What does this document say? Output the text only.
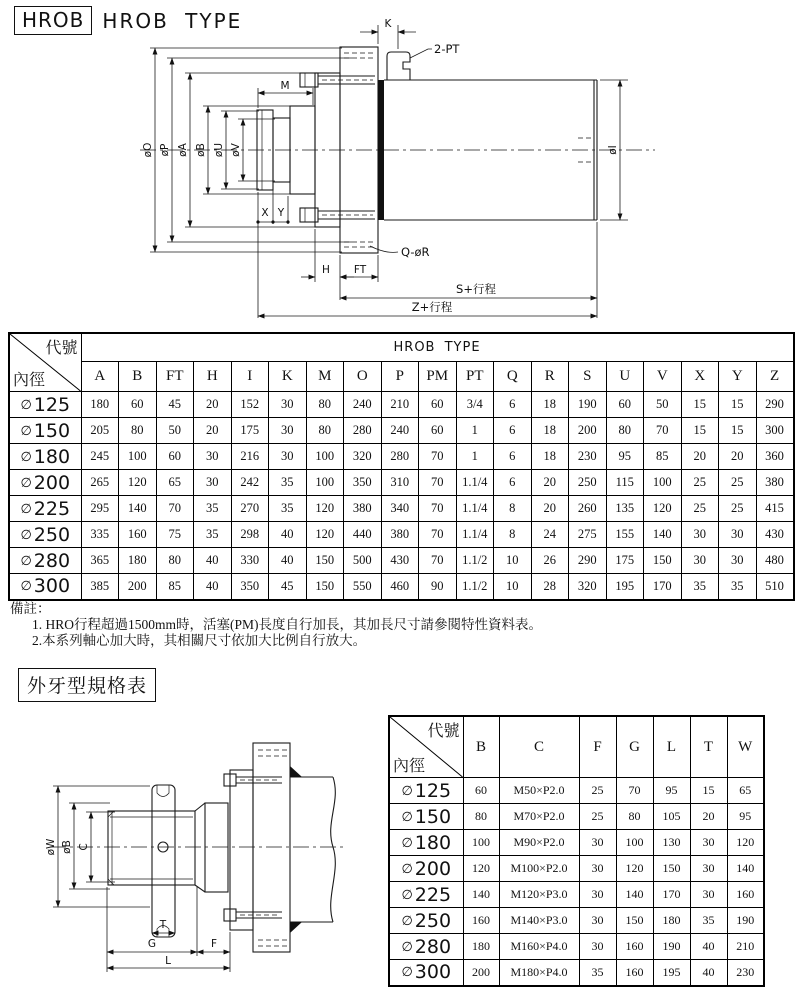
HROB HROB TYPE
2-PT
K
M
øO øP øA øB øU øV	øI
X Y
Q-øR
H FT
S+行程
Z+行程
代號
內徑	HROB TYPE																		
	A	B	FT	H	I	K	M	O	P	PM	PT	Q	R	S	U	V	X	Y	Z
∅ 125	180	60	45	20	152	30	80	240	210	60	3/4	6	18	190	60	50	15	15	290
∅ 150	205	80	50	20	175	30	80	280	240	60	1	6	18	200	80	70	15	15	300
∅ 180	245	100	60	30	216	30	100	320	280	70	1	6	18	230	95	85	20	20	360
∅ 200	265	120	65	30	242	35	100	350	310	70	1.1/4	6	20	250	115	100	25	25	380
∅ 225	295	140	70	35	270	35	120	380	340	70	1.1/4	8	20	260	135	120	25	25	415
∅ 250	335	160	75	35	298	40	120	440	380	70	1.1/4	8	24	275	155	140	30	30	430
∅ 280	365	180	80	40	330	40	150	500	430	70	1.1/2	10	26	290	175	150	30	30	480
∅ 300	385	200	85	40	350	45	150	550	460	90	1.1/2	10	28	320	195	170	35	35	510
備註：
1. HRO行程超過1500mm時，活塞(PM)長度自行加長，其加長尺寸請參閱特性資料表。
2.本系列軸心加大時，其相關尺寸依加大比例自行放大。
外牙型規格表
øW øB C
T
G	F
L
代號
內徑	B	C	F	G	L	T	W
∅ 125	60	M50×P2.0	25	70	95	15	65
∅ 150	80	M70×P2.0	25	80	105	20	95
∅ 180	100	M90×P2.0	30	100	130	30	120
∅ 200	120	M100×P2.0	30	120	150	30	140
∅ 225	140	M120×P3.0	30	140	170	30	160
∅ 250	160	M140×P3.0	30	150	180	35	190
∅ 280	180	M160×P4.0	30	160	190	40	210
∅ 300	200	M180×P4.0	35	160	195	40	230
